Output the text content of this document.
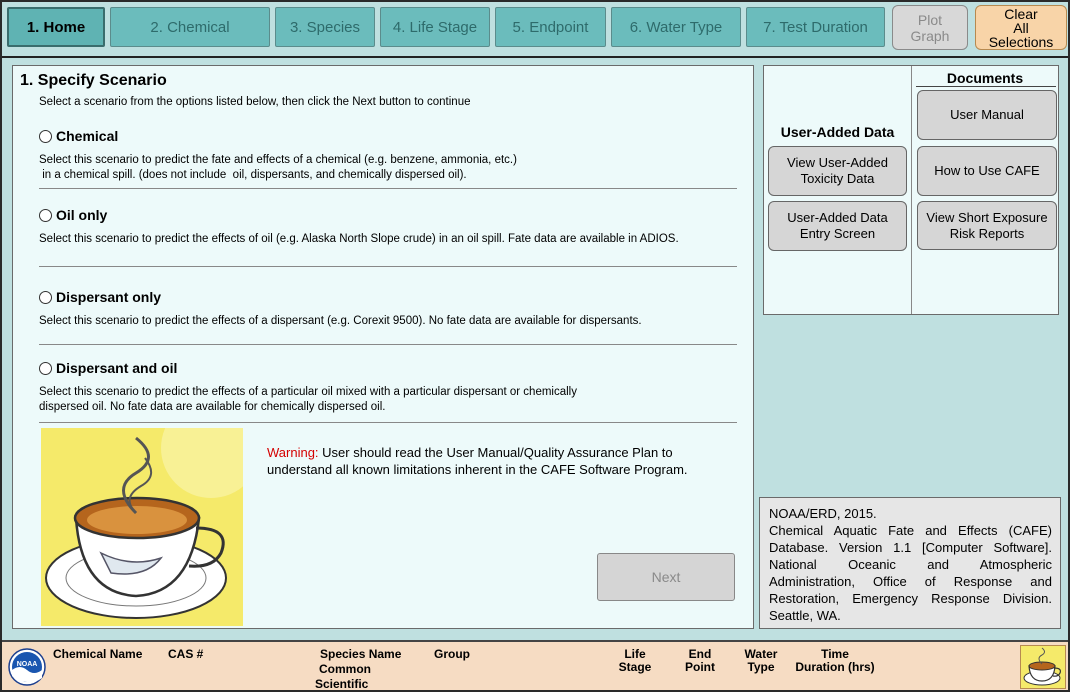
1. Home	2. Chemical	3. Species 4. Life Stage 5. Endpoint	6. Water Type	7. Test Duration	Plot
Graph
Clear
All
Selections
1. Specify Scenario
Select a scenario from the options listed below, then click the Next button to continue
Chemical
Select this scenario to predict the fate and effects of a chemical (e.g. benzene, ammonia, etc.)
in a chemical spill. (does not include  oil, dispersants, and chemically dispersed oil).
Oil only
Select this scenario to predict the effects of oil (e.g. Alaska North Slope crude) in an oil spill. Fate data are available in ADIOS.
Dispersant only
Select this scenario to predict the effects of a dispersant (e.g. Corexit 9500). No fate data are available for dispersants.
Dispersant and oil
Select this scenario to predict the effects of a particular oil mixed with a particular dispersant or chemically
dispersed oil. No fate data are available for chemically dispersed oil.
Warning: User should read the User Manual/Quality Assurance Plan to understand all known limitations inherent in the CAFE Software Program.
Next
Documents
User-Added Data
User Manual
How to Use CAFE
View Short Exposure
Risk Reports
View User-Added
Toxicity Data
User-Added Data
Entry Screen
NOAA/ERD, 2015.
Chemical Aquatic Fate and Effects (CAFE) Database. Version 1.1 [Computer Software]. National Oceanic and Atmospheric Administration, Office of Response and Restoration, Emergency Response Division. Seattle, WA.
NOAA
Chemical Name CAS #	Species Name
Common
Scientific
Group	Life
Stage
End
Point
Water
Type
Time
Duration (hrs)
